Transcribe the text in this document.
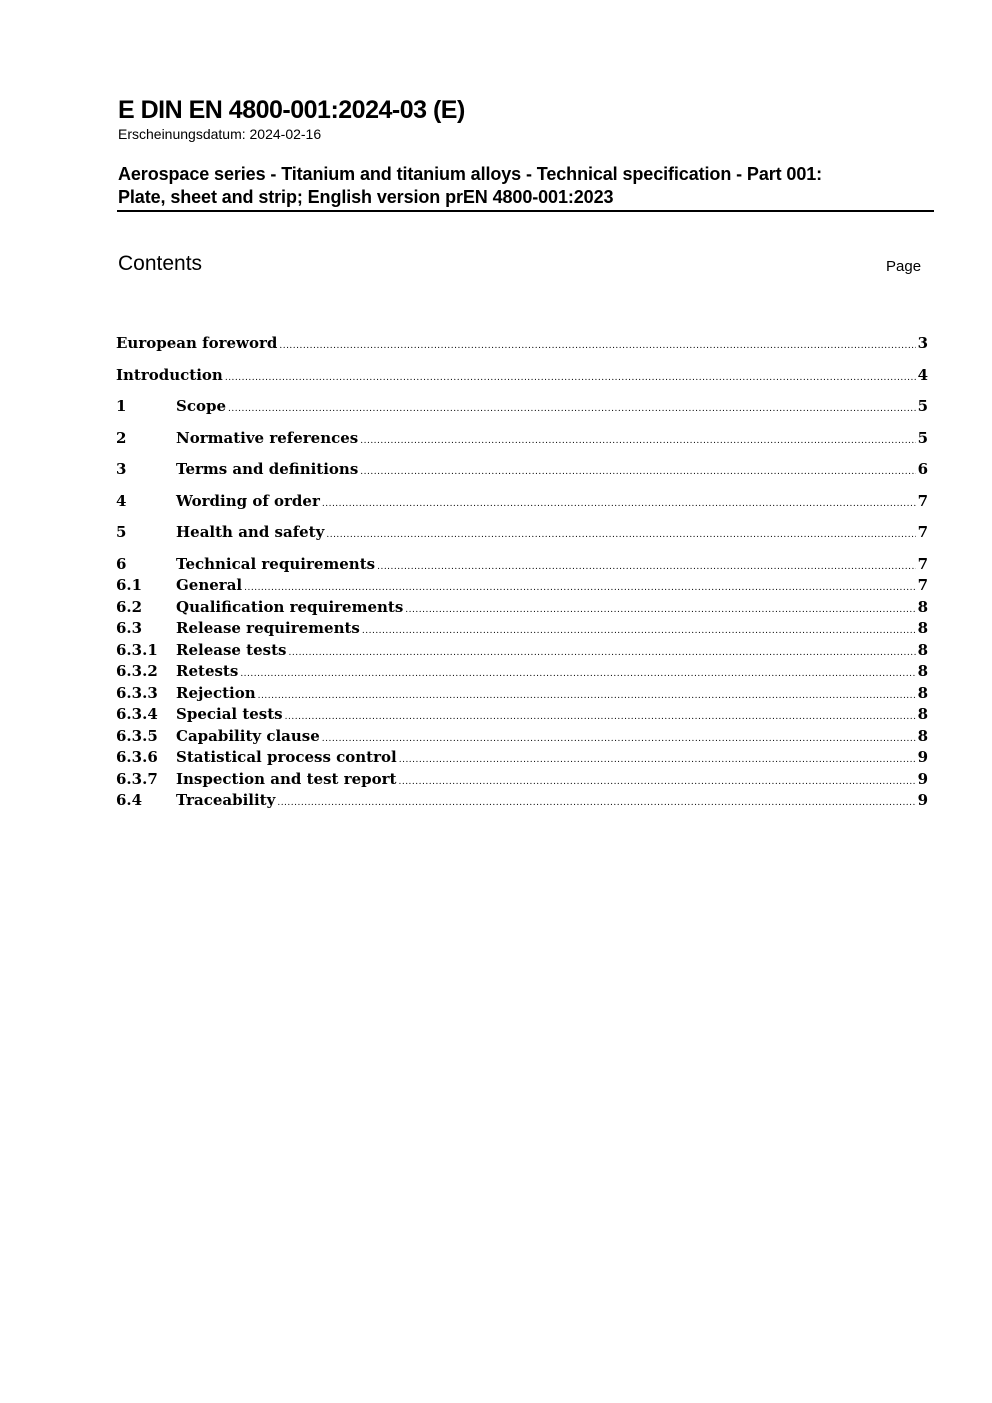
E DIN EN 4800-001:2024-03 (E)
Erscheinungsdatum: 2024-02-16
Aerospace series - Titanium and titanium alloys - Technical specification - Part 001:
Plate, sheet and strip; English version prEN 4800-001:2023
Contents	Page
European foreword .....	3
Introduction .....	4
1	Scope .....	5
2	Normative references .....	5
3	Terms and definitions .....	6
4	Wording of order .....	7
5	Health and safety .....	7
6	Technical requirements .....	7
6.1	General .....	7
6.2	Qualification requirements .....	8
6.3	Release requirements .....	8
6.3.1	Release tests .....	8
6.3.2	Retests .....	8
6.3.3	Rejection .....	8
6.3.4	Special tests .....	8
6.3.5	Capability clause .....	8
6.3.6	Statistical process control .....	9
6.3.7	Inspection and test report .....	9
6.4	Traceability .....	9
